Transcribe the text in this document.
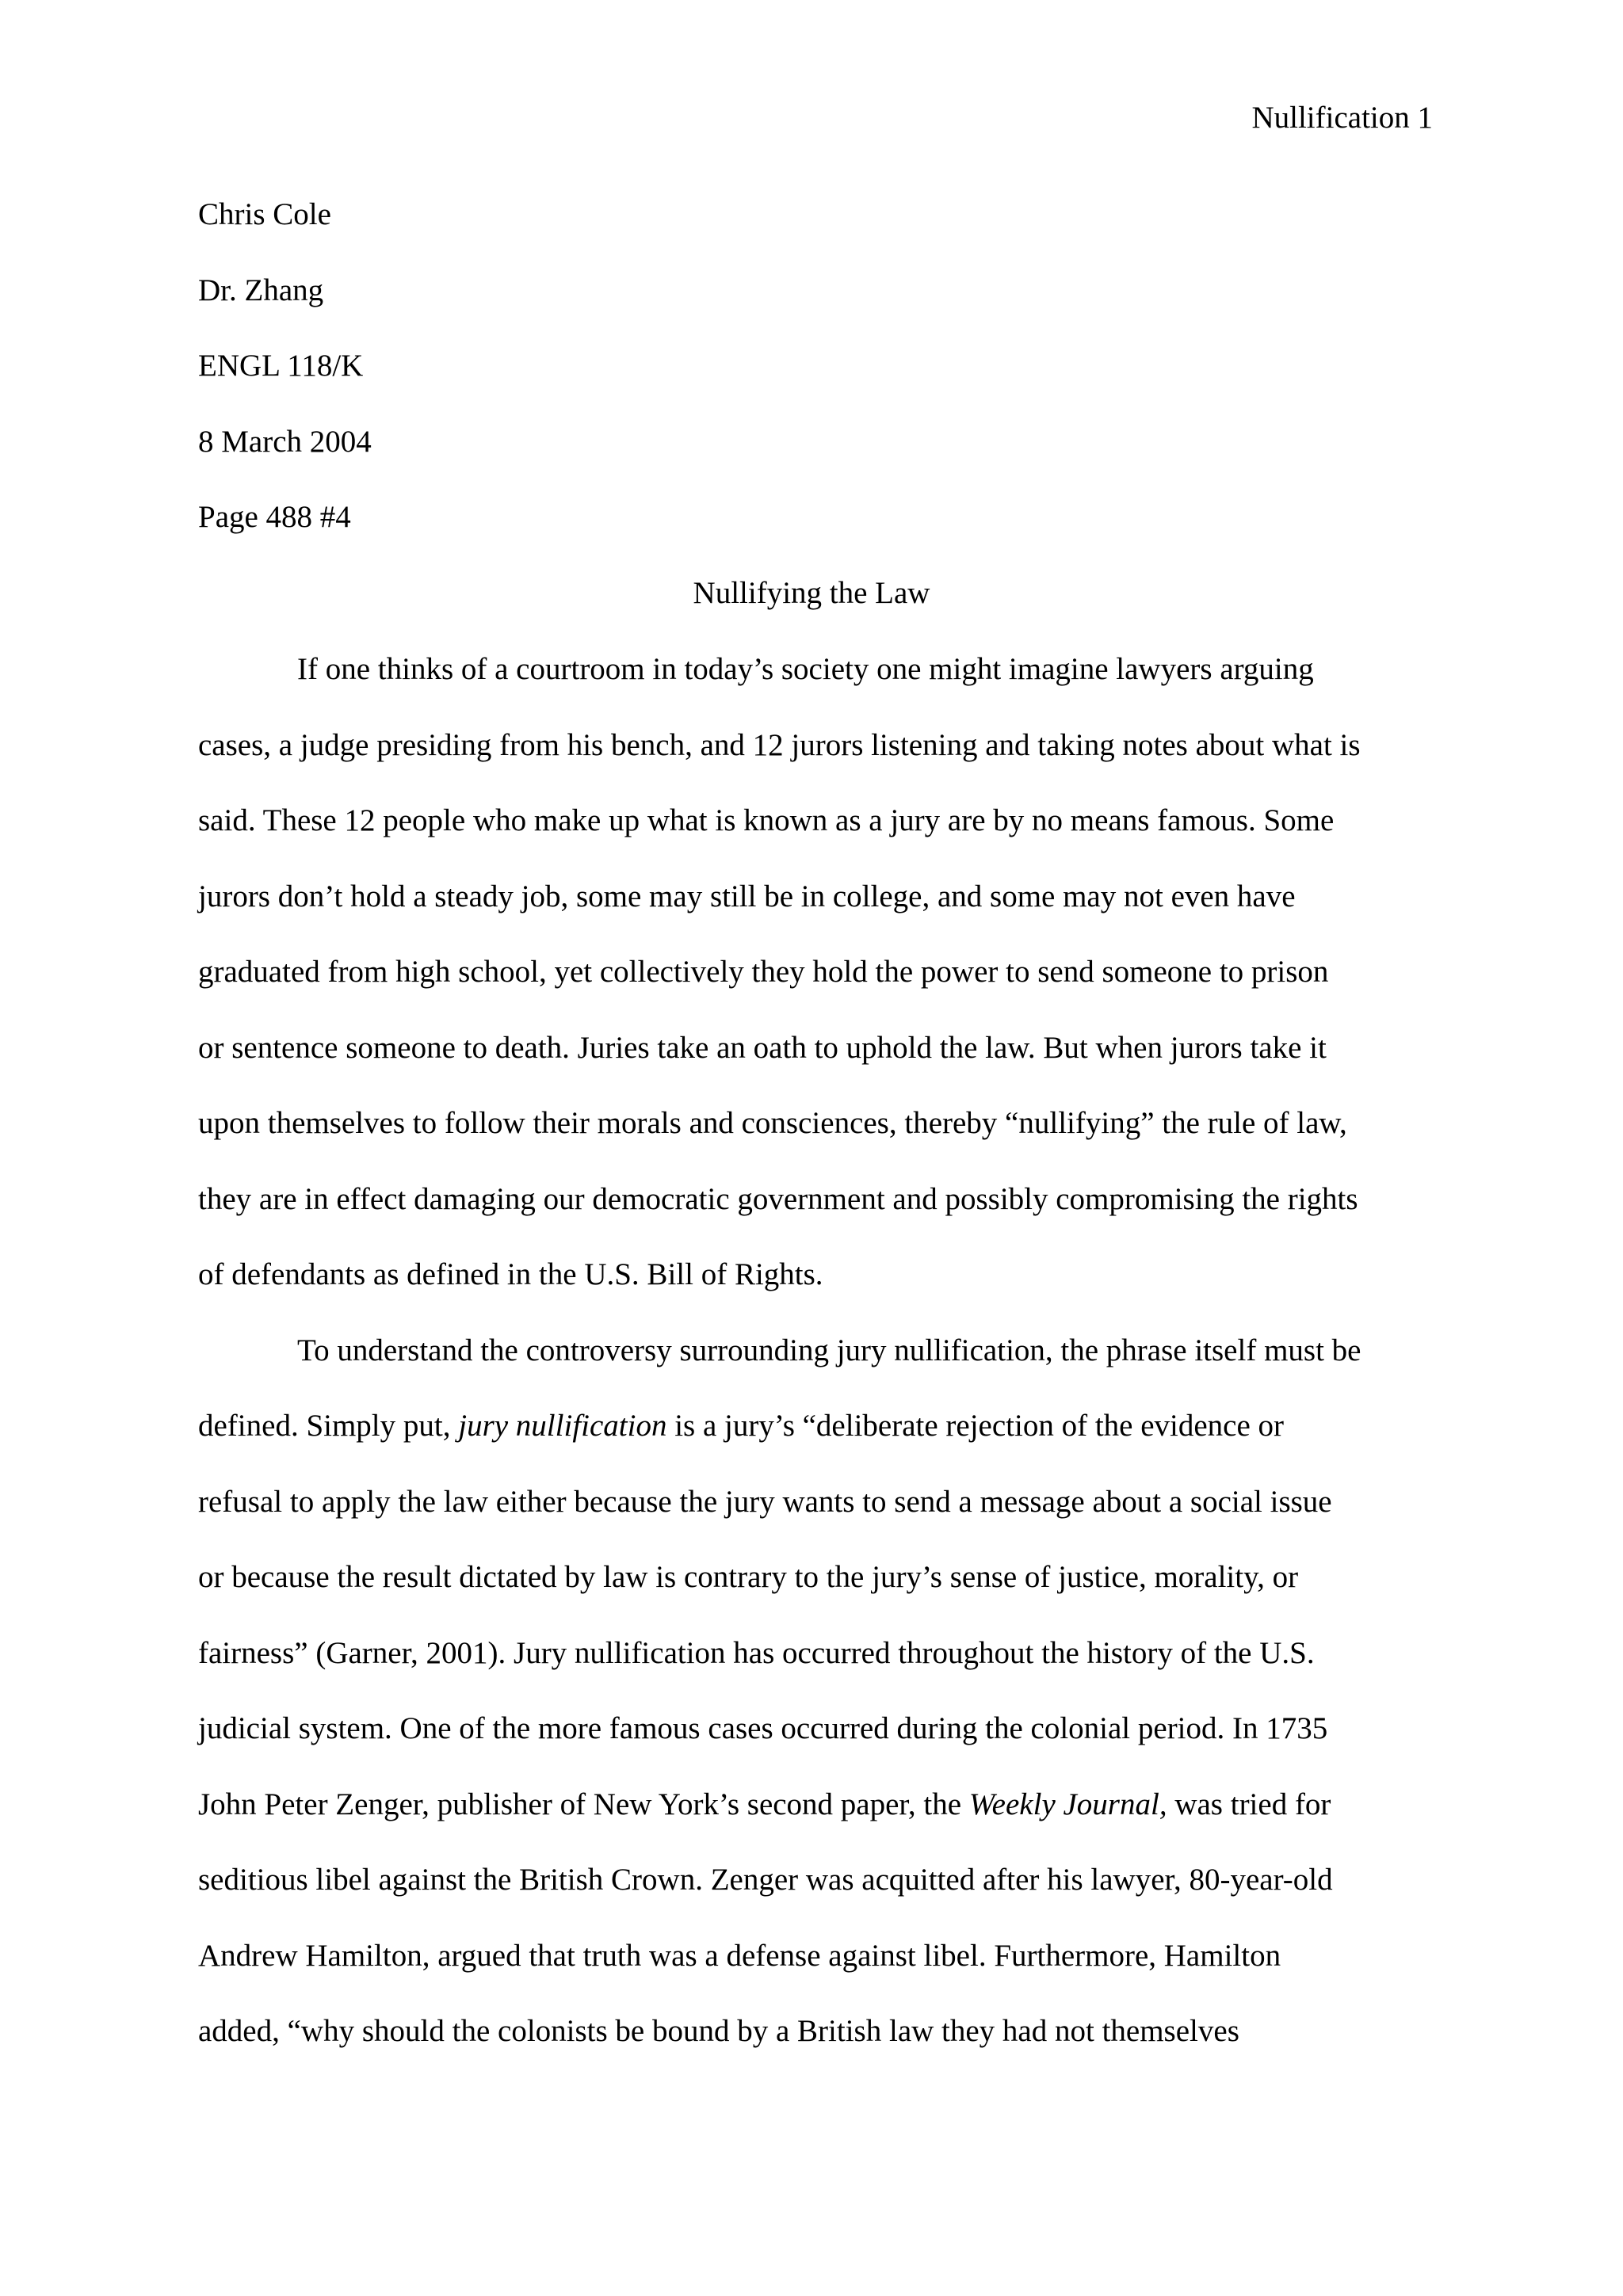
Nullification 1
Chris Cole
Dr. Zhang
ENGL 118/K
8 March 2004
Page 488 #4
Nullifying the Law
If one thinks of a courtroom in today’s society one might imagine lawyers arguing
cases, a judge presiding from his bench, and 12 jurors listening and taking notes about what is
said. These 12 people who make up what is known as a jury are by no means famous. Some
jurors don’t hold a steady job, some may still be in college, and some may not even have
graduated from high school, yet collectively they hold the power to send someone to prison
or sentence someone to death. Juries take an oath to uphold the law. But when jurors take it
upon themselves to follow their morals and consciences, thereby “nullifying” the rule of law,
they are in effect damaging our democratic government and possibly compromising the rights
of defendants as defined in the U.S. Bill of Rights.
To understand the controversy surrounding jury nullification, the phrase itself must be
defined. Simply put, jury nullification is a jury’s “deliberate rejection of the evidence or
refusal to apply the law either because the jury wants to send a message about a social issue
or because the result dictated by law is contrary to the jury’s sense of justice, morality, or
fairness” (Garner, 2001). Jury nullification has occurred throughout the history of the U.S.
judicial system. One of the more famous cases occurred during the colonial period. In 1735
John Peter Zenger, publisher of New York’s second paper, the Weekly Journal, was tried for
seditious libel against the British Crown. Zenger was acquitted after his lawyer, 80-year-old
Andrew Hamilton, argued that truth was a defense against libel. Furthermore, Hamilton
added, “why should the colonists be bound by a British law they had not themselves
